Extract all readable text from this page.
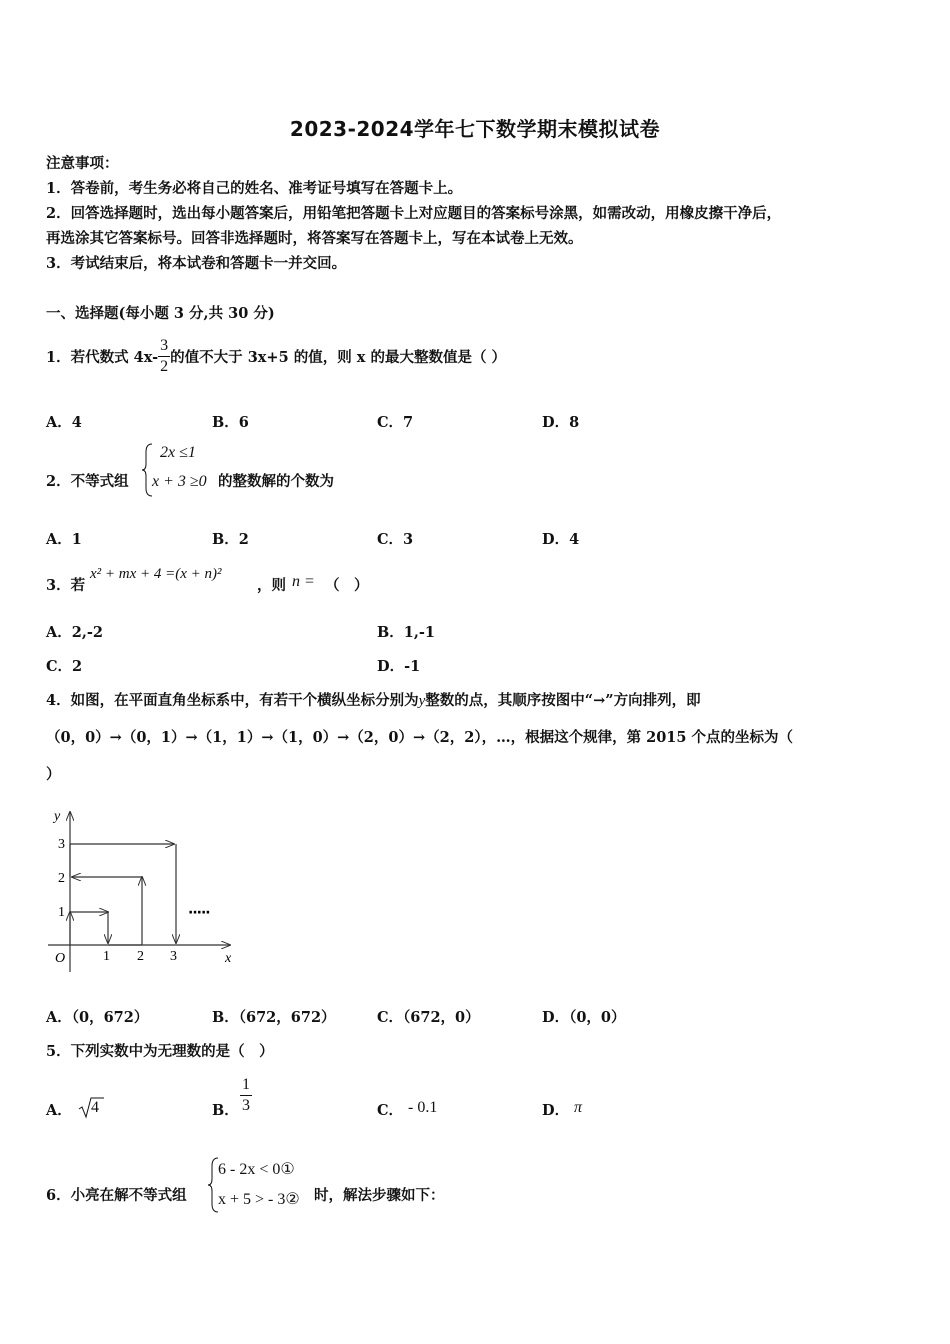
2023-2024学年七下数学期末模拟试卷
注意事项：
1．答卷前，考生务必将自己的姓名、准考证号填写在答题卡上。
2．回答选择题时，选出每小题答案后，用铅笔把答题卡上对应题目的答案标号涂黑，如需改动，用橡皮擦干净后，
再选涂其它答案标号。回答非选择题时，将答案写在答题卡上，写在本试卷上无效。
3．考试结束后，将本试卷和答题卡一并交回。
一、选择题(每小题 3 分,共 30 分)
1．若代数式 $4x- \frac{3}{2}$ 的值不大于 3x+5 的值，则 x 的最大整数值是（ ）
A．4	B．6	C．7	D．8
2．不等式组
2x ≤1
x + 3 ≥0 的整数解的个数为
A．1	B．2	C．3	D．4
3．若
x² + mx + 4 =(x + n)²
，则 n = （　）
A．2,-2	B．1,-1
C．2	D．-1
4．如图，在平面直角坐标系中，有若干个横纵坐标分别为y整数的点，其顺序按图中“→”方向排列，即
（0，0）→（0，1）→（1，1）→（1，0）→（2，0）→（2，2），…，根据这个规律，第 2015 个点的坐标为（
）
y
x
O	1 2 3
1
2
3
·····
A．（0，672）	B．（672，672）	C．（672，0）	D．（0，0）
5．下列实数中为无理数的是（　）
A． 4	B． $\frac{1}{3}$	C． - 0.1	D． π
6．小亮在解不等式组
6 - 2x < 0①
x + 5 > - 3② 时，解法步骤如下：
